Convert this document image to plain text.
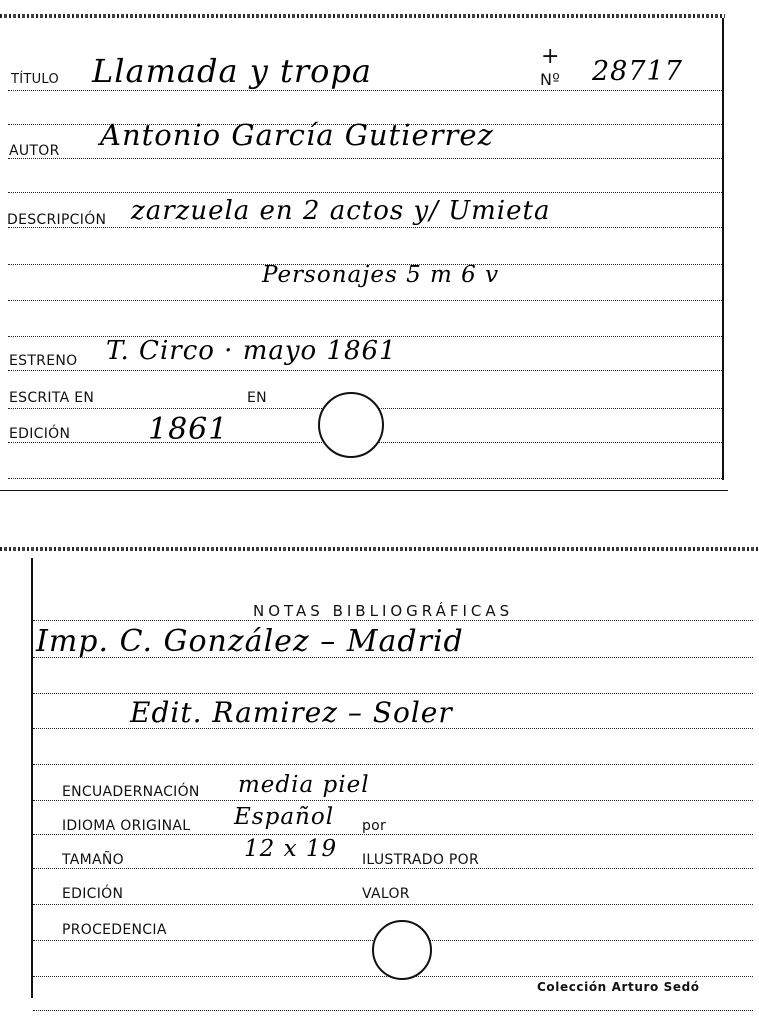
TÍTULO Llamada y tropa	+
Nº 28717
AUTOR Antonio García Gutierrez
DESCRIPCIÓN zarzuela en 2 actos y/ Umieta
Personajes 5 m 6 v
ESTRENO T. Circo · mayo 1861
ESCRITA EN	EN
EDICIÓN	1861
NOTAS BIBLIOGRÁFICAS
Imp. C. González – Madrid
Edit. Ramirez – Soler
ENCUADERNACIÓN media piel
IDIOMA ORIGINAL Español por
TAMAÑO	12 x 19 ILUSTRADO POR
EDICIÓN	VALOR
PROCEDENCIA
Colección Arturo Sedó
